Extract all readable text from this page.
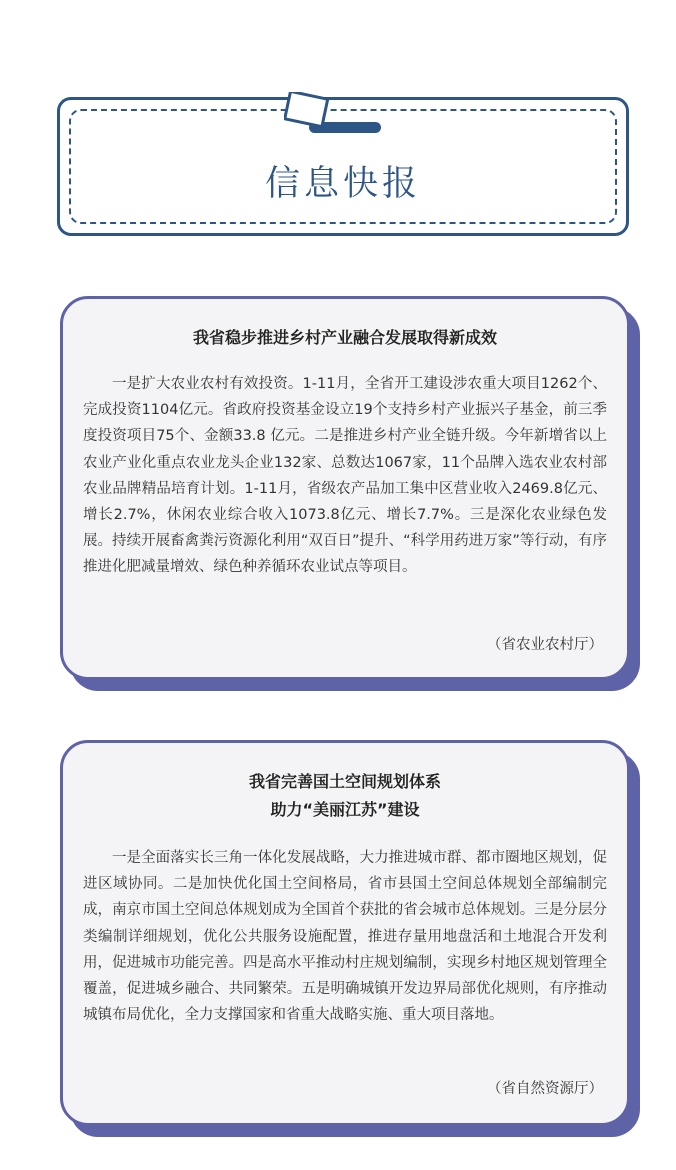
信息快报

我省稳步推进乡村产业融合发展取得新成效

一是扩大农业农村有效投资。1-11月，全省开工建设涉农重大项目1262个、完成投资1104亿元。省政府投资基金设立19个支持乡村产业振兴子基金，前三季度投资项目75个、金额33.8 亿元。二是推进乡村产业全链升级。今年新增省以上农业产业化重点农业龙头企业132家、总数达1067家，11个品牌入选农业农村部农业品牌精品培育计划。1-11月，省级农产品加工集中区营业收入2469.8亿元、增长2.7%，休闲农业综合收入1073.8亿元、增长7.7%。三是深化农业绿色发展。持续开展畜禽粪污资源化利用“双百日”提升、“科学用药进万家”等行动，有序推进化肥减量增效、绿色种养循环农业试点等项目。

（省农业农村厅）

我省完善国土空间规划体系

助力“美丽江苏”建设

一是全面落实长三角一体化发展战略，大力推进城市群、都市圈地区规划，促进区域协同。二是加快优化国土空间格局，省市县国土空间总体规划全部编制完成，南京市国土空间总体规划成为全国首个获批的省会城市总体规划。三是分层分类编制详细规划，优化公共服务设施配置，推进存量用地盘活和土地混合开发利用，促进城市功能完善。四是高水平推动村庄规划编制，实现乡村地区规划管理全覆盖，促进城乡融合、共同繁荣。五是明确城镇开发边界局部优化规则，有序推动城镇布局优化，全力支撑国家和省重大战略实施、重大项目落地。

（省自然资源厅）
